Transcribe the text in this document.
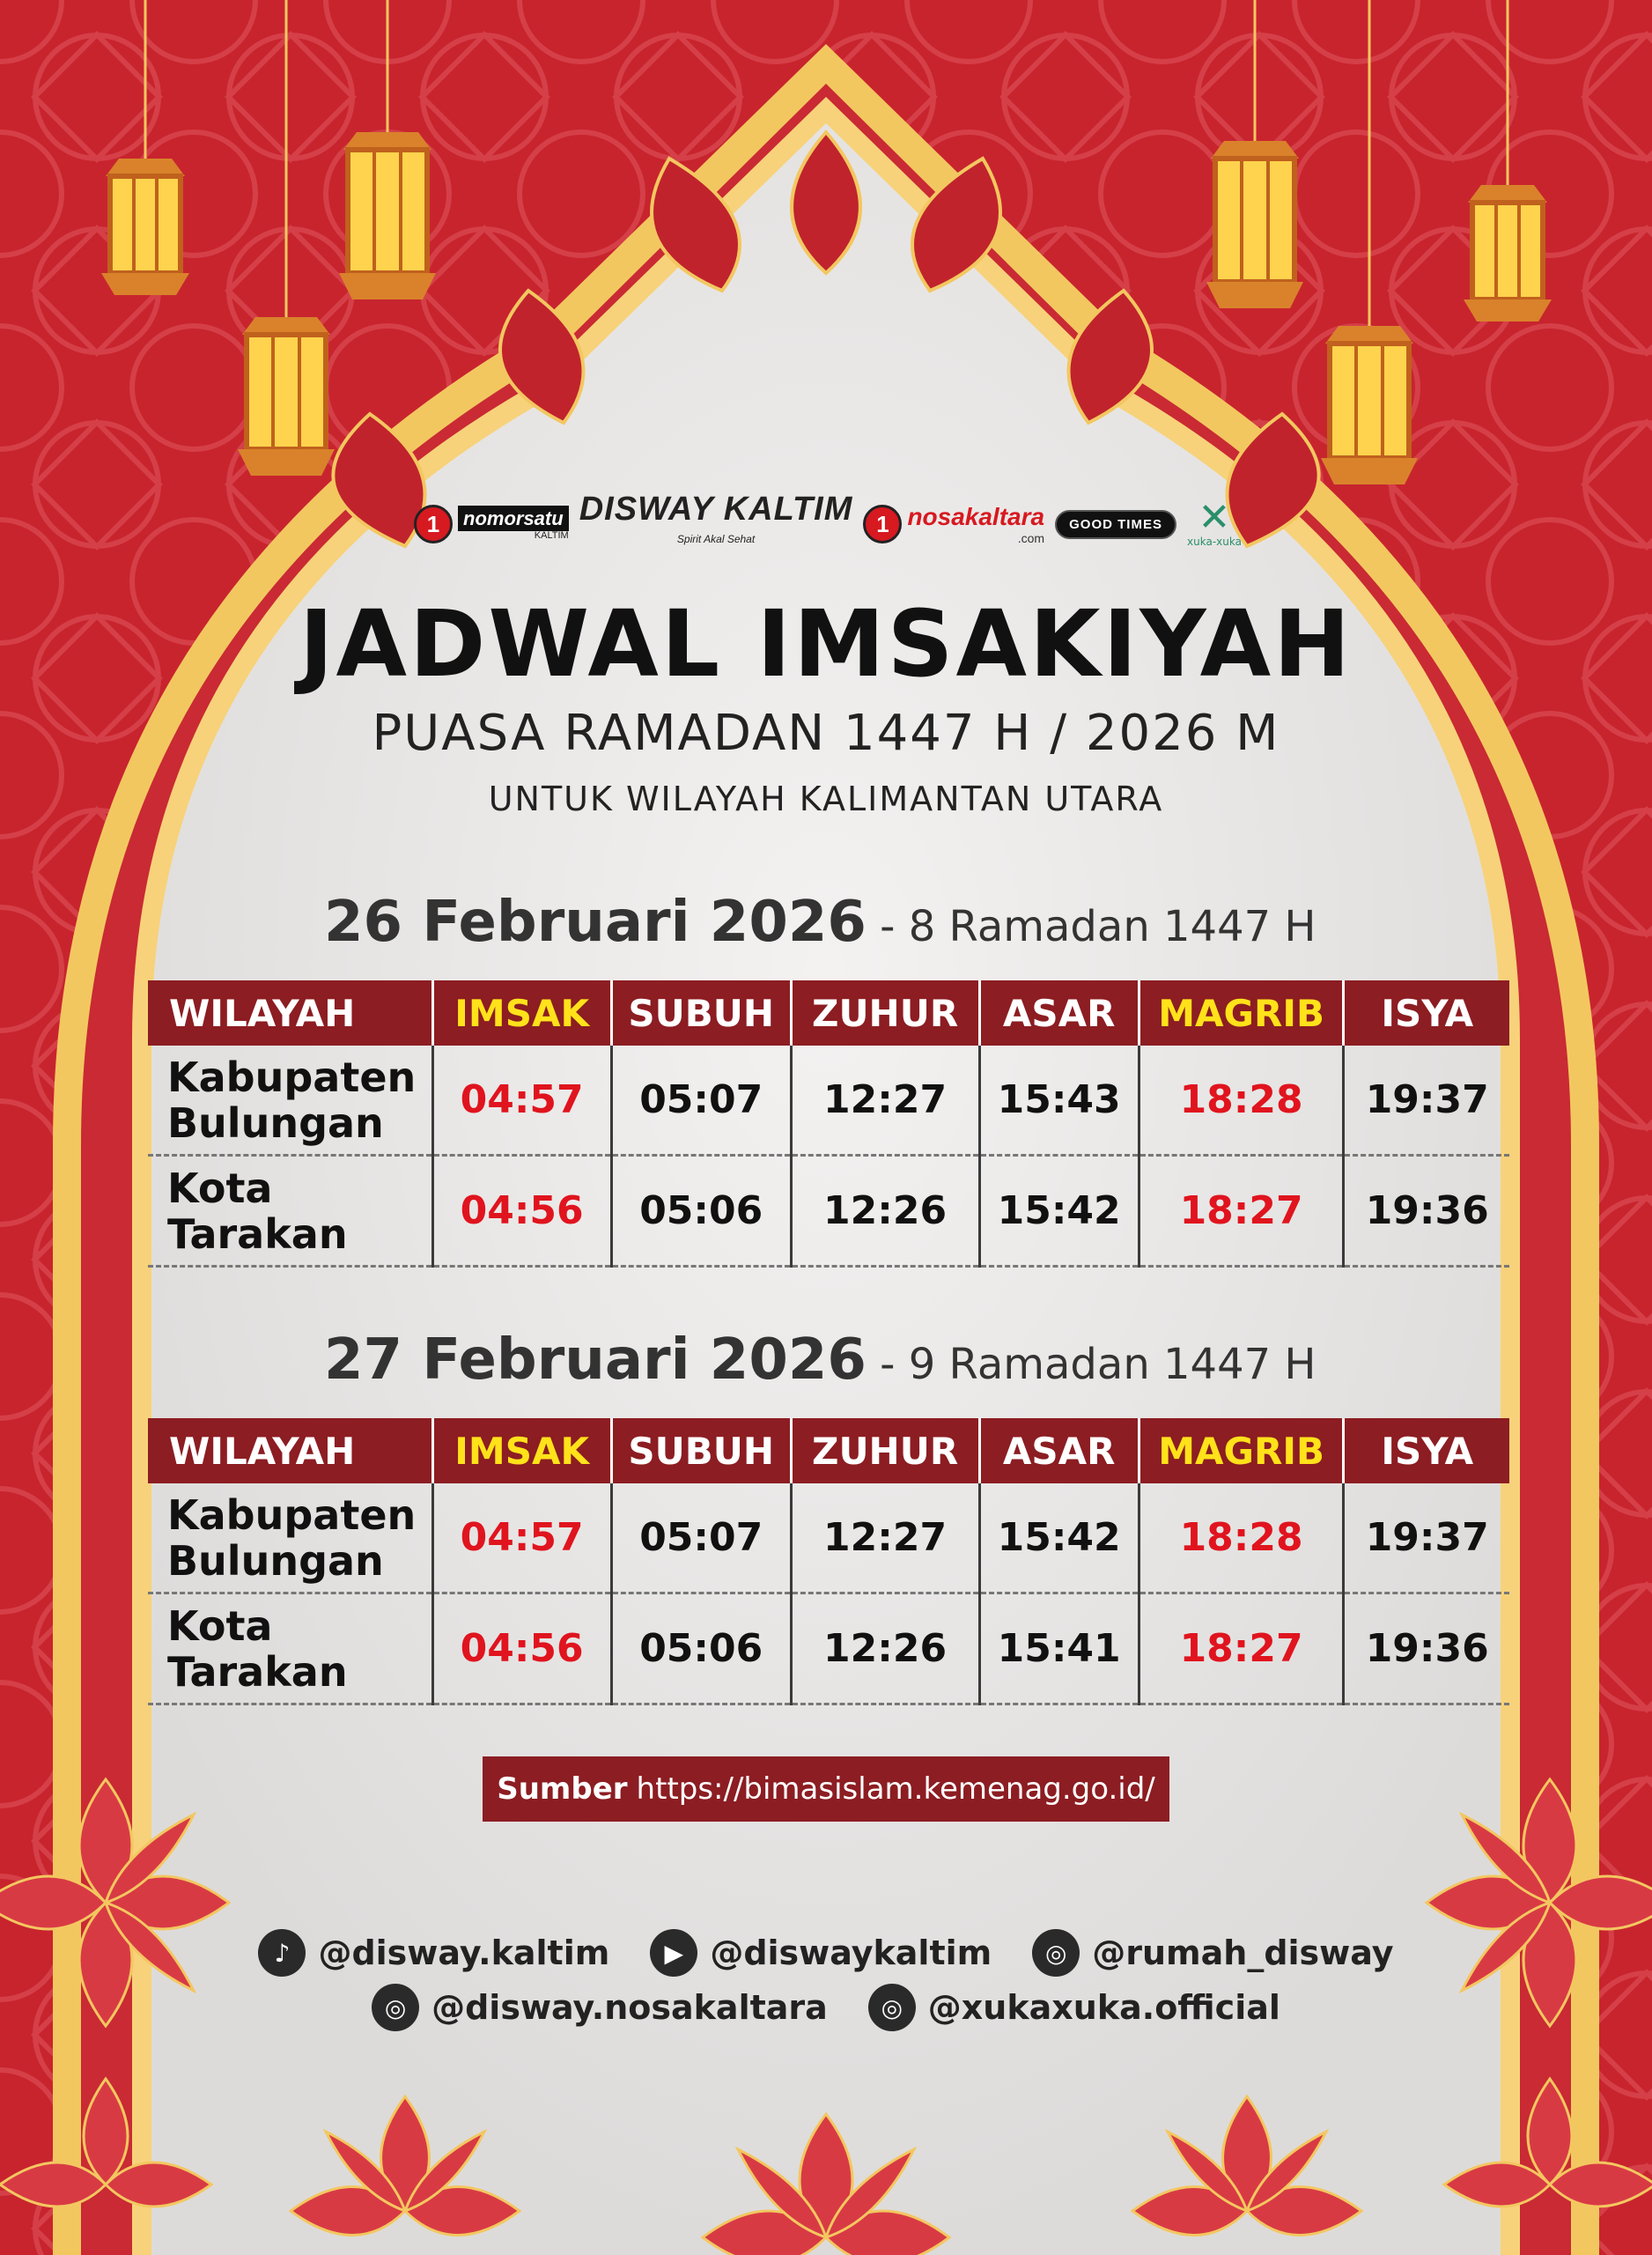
1	nomorsatu
KALTIM
DISWAY KALTIM
Spirit Akal Sehat
1 nosakaltara
.com
GOOD TIMES ✕
xuka-xuka
JADWAL IMSAKIYAH
PUASA RAMADAN 1447 H / 2026 M
UNTUK WILAYAH KALIMANTAN UTARA
26 Februari 2026 - 8 Ramadan 1447 H
WILAYAH	IMSAK	SUBUH	ZUHUR	ASAR	MAGRIB	ISYA
Kabupaten
Bulungan	04:57	05:07	12:27	15:43	18:28	19:37
Kota
Tarakan	04:56	05:06	12:26	15:42	18:27	19:36
27 Februari 2026 - 9 Ramadan 1447 H
WILAYAH	IMSAK	SUBUH	ZUHUR	ASAR	MAGRIB	ISYA
Kabupaten
Bulungan	04:57	05:07	12:27	15:42	18:28	19:37
Kota
Tarakan	04:56	05:06	12:26	15:41	18:27	19:36
Sumber https://bimasislam.kemenag.go.id/
♪ @disway.kaltim	▶ @diswaykaltim	◎ @rumah_disway
◎ @disway.nosakaltara	◎ @xukaxuka.official
